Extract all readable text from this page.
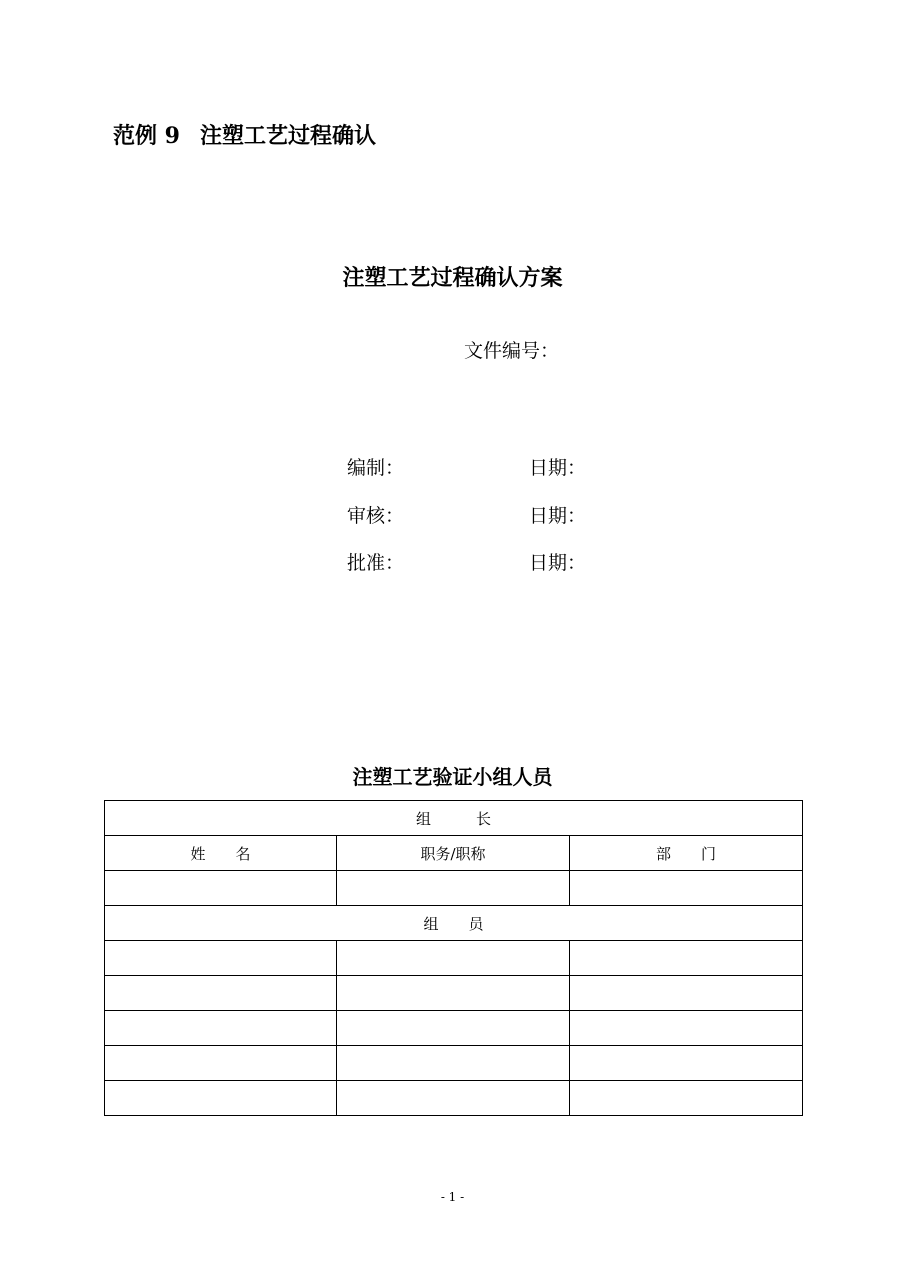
范例 9 注塑工艺过程确认
注塑工艺过程确认方案
文件编号：
编制：	日期：
审核：	日期：
批准：	日期：
注塑工艺验证小组人员
组　　　长		
姓　　名	职务/职称	部　　门

组　　员		

- 1 -
